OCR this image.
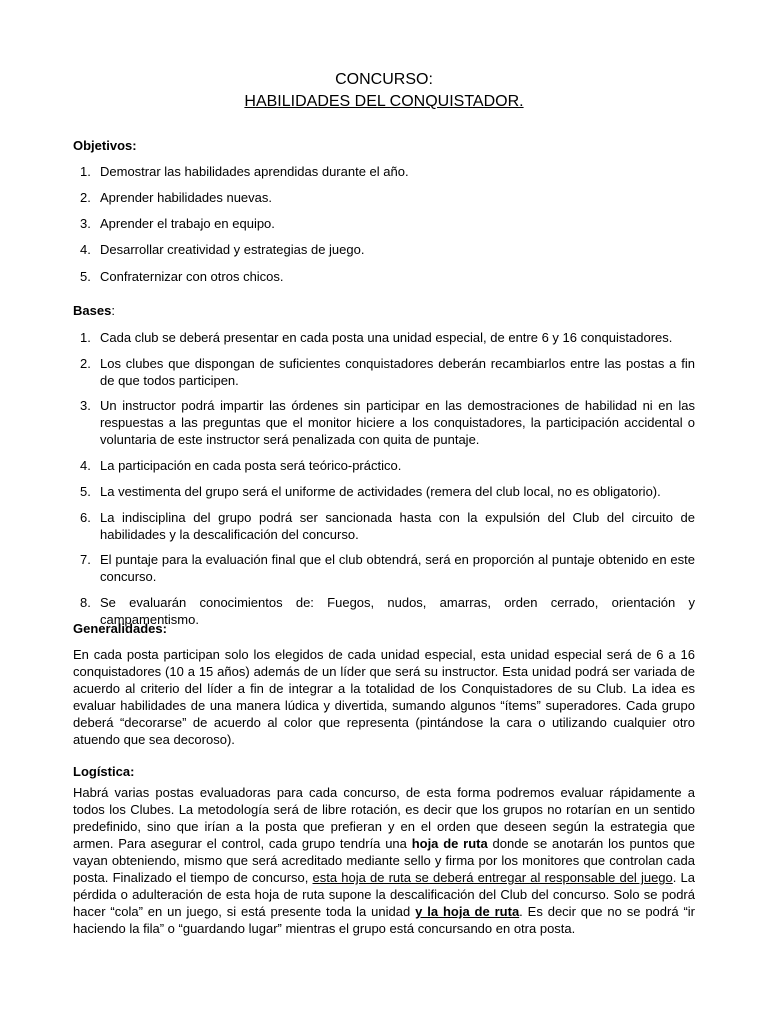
CONCURSO:
HABILIDADES DEL CONQUISTADOR.

Objetivos:

1. Demostrar las habilidades aprendidas durante el año.
2. Aprender habilidades nuevas.
3. Aprender el trabajo en equipo.
4. Desarrollar creatividad y estrategias de juego.
5. Confraternizar con otros chicos.

Bases:

1. Cada club se deberá presentar en cada posta una unidad especial, de entre 6 y 16 conquistadores.
2. Los clubes que dispongan de suficientes conquistadores deberán recambiarlos entre las postas a fin de que todos participen.
3. Un instructor podrá impartir las órdenes sin participar en las demostraciones de habilidad ni en las respuestas a las preguntas que el monitor hiciere a los conquistadores, la participación accidental o voluntaria de este instructor será penalizada con quita de puntaje.
4. La participación en cada posta será teórico-práctico.
5. La vestimenta del grupo será el uniforme de actividades (remera del club local, no es obligatorio).
6. La indisciplina del grupo podrá ser sancionada hasta con la expulsión del Club del circuito de habilidades y la descalificación del concurso.
7. El puntaje para la evaluación final que el club obtendrá, será en proporción al puntaje obtenido en este concurso.
8. Se evaluarán conocimientos de: Fuegos, nudos, amarras, orden cerrado, orientación y campamentismo.

Generalidades:

En cada posta participan solo los elegidos de cada unidad especial, esta unidad especial será de 6 a 16 conquistadores (10 a 15 años) además de un líder que será su instructor. Esta unidad podrá ser variada de acuerdo al criterio del líder a fin de integrar a la totalidad de los Conquistadores de su Club. La idea es evaluar habilidades de una manera lúdica y divertida, sumando algunos “ítems” superadores. Cada grupo deberá “decorarse” de acuerdo al color que representa (pintándose la cara o utilizando cualquier otro atuendo que sea decoroso).

Logística:

Habrá varias postas evaluadoras para cada concurso, de esta forma podremos evaluar rápidamente a todos los Clubes. La metodología será de libre rotación, es decir que los grupos no rotarían en un sentido predefinido, sino que irían a la posta que prefieran y en el orden que deseen según la estrategia que armen. Para asegurar el control, cada grupo tendría una hoja de ruta donde se anotarán los puntos que vayan obteniendo, mismo que será acreditado mediante sello y firma por los monitores que controlan cada posta. Finalizado el tiempo de concurso, esta hoja de ruta se deberá entregar al responsable del juego. La pérdida o adulteración de esta hoja de ruta supone la descalificación del Club del concurso. Solo se podrá hacer “cola” en un juego, si está presente toda la unidad y la hoja de ruta. Es decir que no se podrá “ir haciendo la fila” o “guardando lugar” mientras el grupo está concursando en otra posta.
